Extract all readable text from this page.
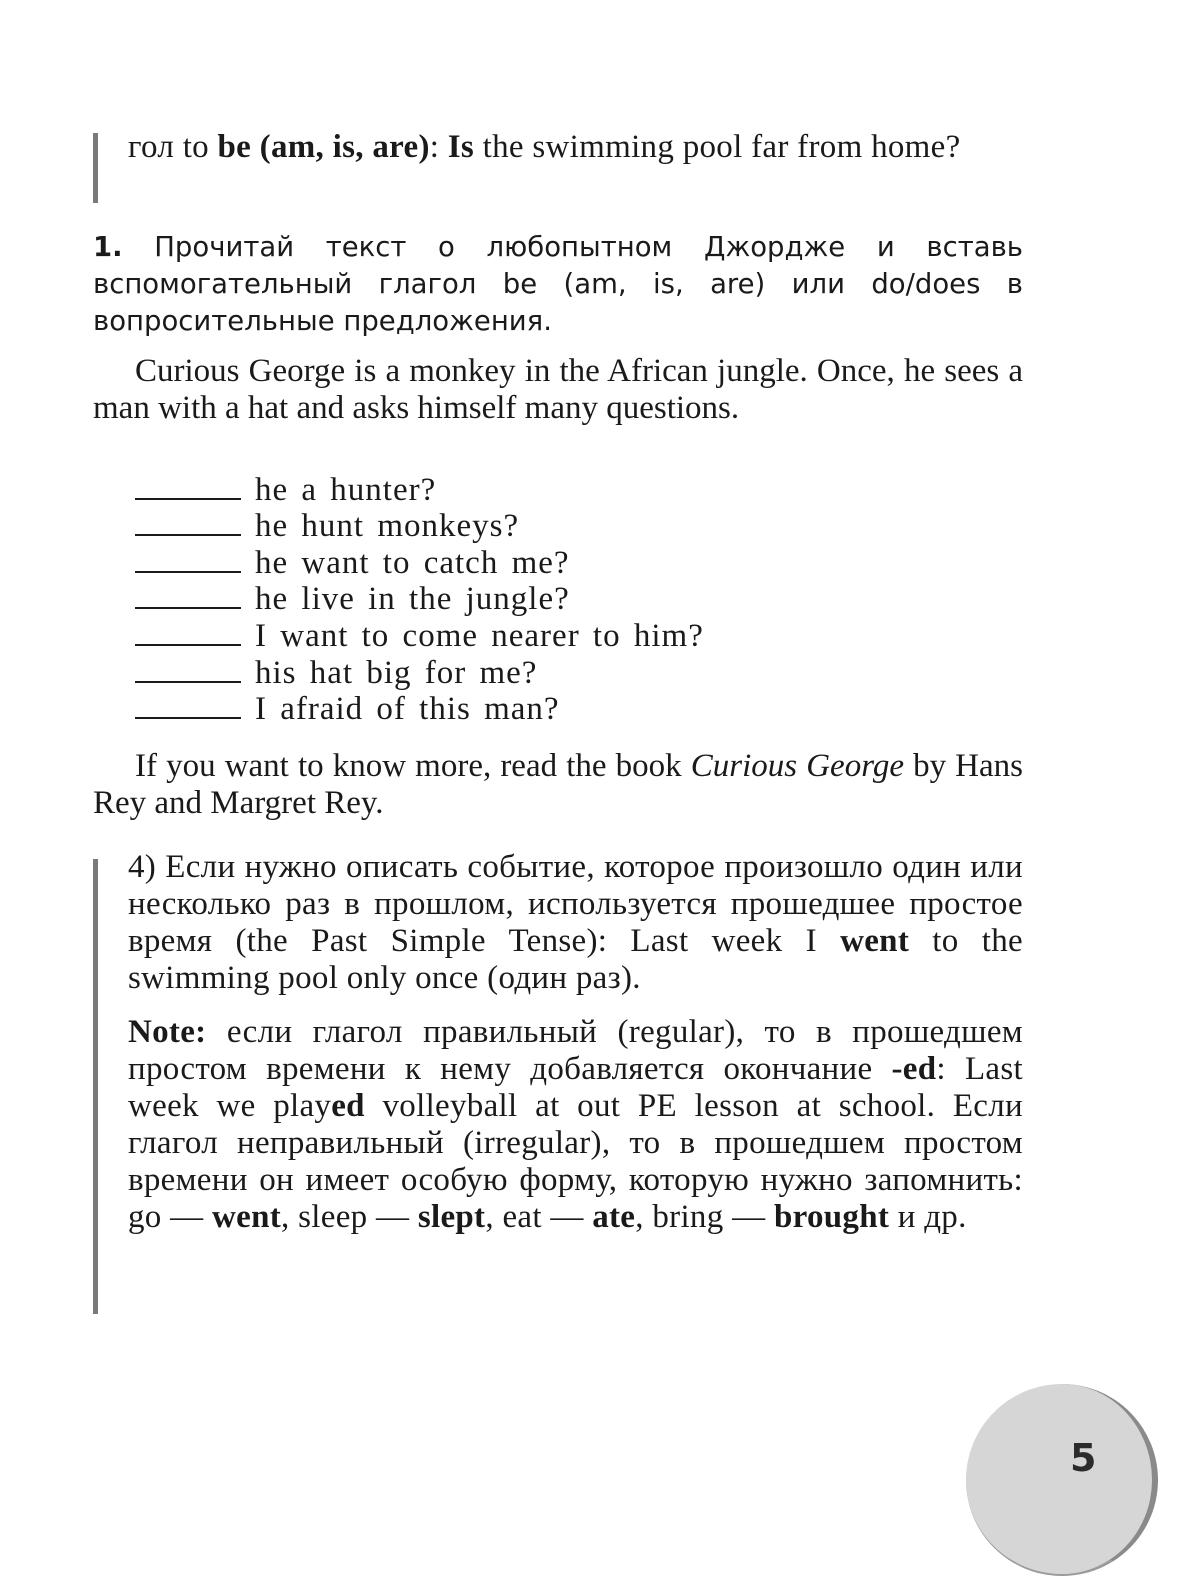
гол to be (am, is, are): Is the swimming pool far from home?

1. Прочитай текст о любопытном Джордже и вставь вспомогательный глагол be (am, is, are) или do/does в вопросительные предложения.

Curious George is a monkey in the African jungle. Once, he sees a man with a hat and asks himself many questions.

he a hunter?
he hunt monkeys?
he want to catch me?
he live in the jungle?
I want to come nearer to him?
his hat big for me?
I afraid of this man?

If you want to know more, read the book Curious George by Hans Rey and Margret Rey.

4) Если нужно описать событие, которое произошло один или несколько раз в прошлом, используется прошедшее простое время (the Past Simple Tense): Last week I went to the swimming pool only once (один раз).

Note: если глагол правильный (regular), то в прошедшем простом времени к нему добавляется окончание -ed: Last week we played volleyball at out PE lesson at school. Если глагол неправильный (irregular), то в прошедшем простом времени он имеет особую форму, которую нужно запомнить: go — went, sleep — slept, eat — ate, bring — brought и др.

5
